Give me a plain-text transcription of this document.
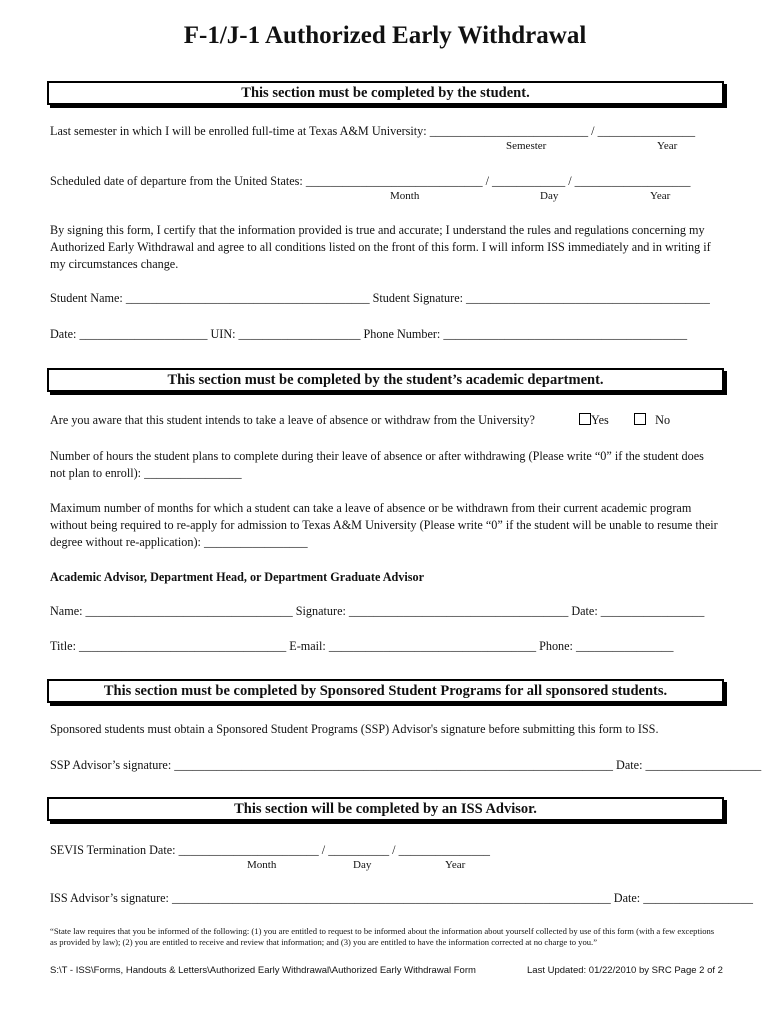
F-1/J-1 Authorized Early Withdrawal
This section must be completed by the student.
Last semester in which I will be enrolled full-time at Texas A&M University: __________________________ / ________________
Semester	Year
Scheduled date of departure from the United States: _____________________________ / ____________ / ___________________
Month	Day	Year
By signing this form, I certify that the information provided is true and accurate; I understand the rules and regulations concerning my Authorized Early Withdrawal and agree to all conditions listed on the front of this form. I will inform ISS immediately and in writing if my circumstances change.
Student Name: ________________________________________ Student Signature: ________________________________________
Date: _____________________ UIN: ____________________ Phone Number: ________________________________________
This section must be completed by the student’s academic department.
Are you aware that this student intends to take a leave of absence or withdraw from the University?	Yes	No
Number of hours the student plans to complete during their leave of absence or after withdrawing (Please write “0” if the student does not plan to enroll): ________________
Maximum number of months for which a student can take a leave of absence or be withdrawn from their current academic program without being required to re-apply for admission to Texas A&M University (Please write “0” if the student will be unable to resume their degree without re-application): _________________
Academic Advisor, Department Head, or Department Graduate Advisor
Name: __________________________________ Signature: ____________________________________ Date: _________________
Title: __________________________________ E-mail: __________________________________ Phone: ________________
This section must be completed by Sponsored Student Programs for all sponsored students.
Sponsored students must obtain a Sponsored Student Programs (SSP) Advisor's signature before submitting this form to ISS.
SSP Advisor’s signature: ________________________________________________________________________ Date: ___________________
This section will be completed by an ISS Advisor.
SEVIS Termination Date: _______________________ / __________ / _______________
Month	Day	Year
ISS Advisor’s signature: ________________________________________________________________________ Date: __________________
“State law requires that you be informed of the following: (1) you are entitled to request to be informed about the information about yourself collected by use of this form (with a few exceptions as provided by law); (2) you are entitled to receive and review that information; and (3) you are entitled to have the information corrected at no charge to you.”
S:\T - ISS\Forms, Handouts & Letters\Authorized Early Withdrawal\Authorized Early Withdrawal Form	Last Updated: 01/22/2010 by SRC Page 2 of 2
